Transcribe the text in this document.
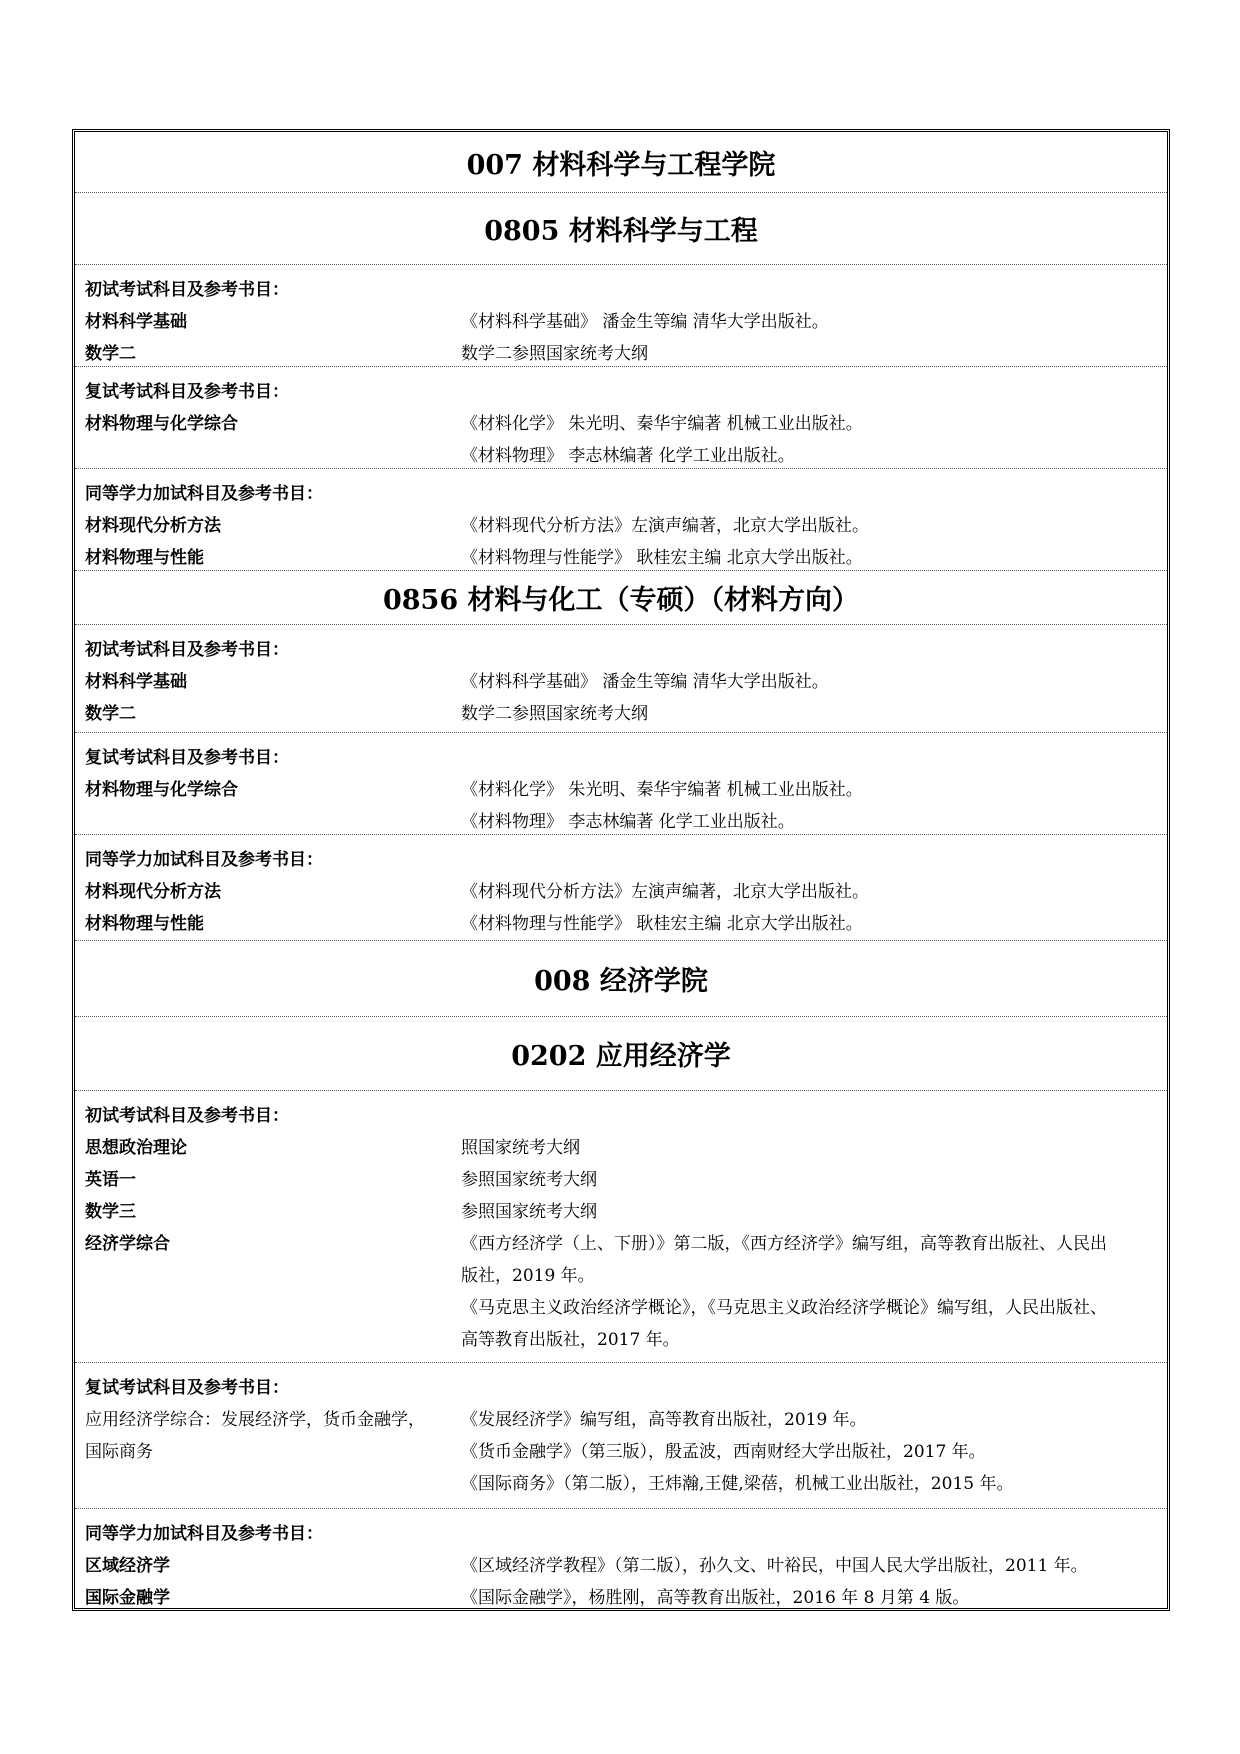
007 材料科学与工程学院
0805 材料科学与工程
初试考试科目及参考书目：
材料科学基础	《材料科学基础》 潘金生等编 清华大学出版社。
数学二	数学二参照国家统考大纲
复试考试科目及参考书目：
材料物理与化学综合	《材料化学》 朱光明、秦华宇编著 机械工业出版社。
《材料物理》 李志林编著 化学工业出版社。
同等学力加试科目及参考书目：
材料现代分析方法	《材料现代分析方法》左演声编著，北京大学出版社。
材料物理与性能	《材料物理与性能学》 耿桂宏主编 北京大学出版社。
0856 材料与化工（专硕）（材料方向）
初试考试科目及参考书目：
材料科学基础	《材料科学基础》 潘金生等编 清华大学出版社。
数学二	数学二参照国家统考大纲
复试考试科目及参考书目：
材料物理与化学综合	《材料化学》 朱光明、秦华宇编著 机械工业出版社。
《材料物理》 李志林编著 化学工业出版社。
同等学力加试科目及参考书目：
材料现代分析方法	《材料现代分析方法》左演声编著，北京大学出版社。
材料物理与性能	《材料物理与性能学》 耿桂宏主编 北京大学出版社。
008 经济学院
0202 应用经济学
初试考试科目及参考书目：
思想政治理论	照国家统考大纲
英语一	参照国家统考大纲
数学三	参照国家统考大纲
经济学综合	《西方经济学（上、下册）》第二版，《西方经济学》编写组，高等教育出版社、人民出
版社，2019 年。
《马克思主义政治经济学概论》，《马克思主义政治经济学概论》编写组，人民出版社、
高等教育出版社，2017 年。
复试考试科目及参考书目：
应用经济学综合：发展经济学，货币金融学，	《发展经济学》编写组，高等教育出版社，2019 年。
国际商务	《货币金融学》（第三版），殷孟波，西南财经大学出版社，2017 年。
《国际商务》（第二版），王炜瀚,王健,梁蓓，机械工业出版社，2015 年。
同等学力加试科目及参考书目：
区域经济学	《区域经济学教程》（第二版），孙久文、叶裕民，中国人民大学出版社，2011 年。
国际金融学	《国际金融学》，杨胜刚，高等教育出版社，2016 年 8 月第 4 版。
